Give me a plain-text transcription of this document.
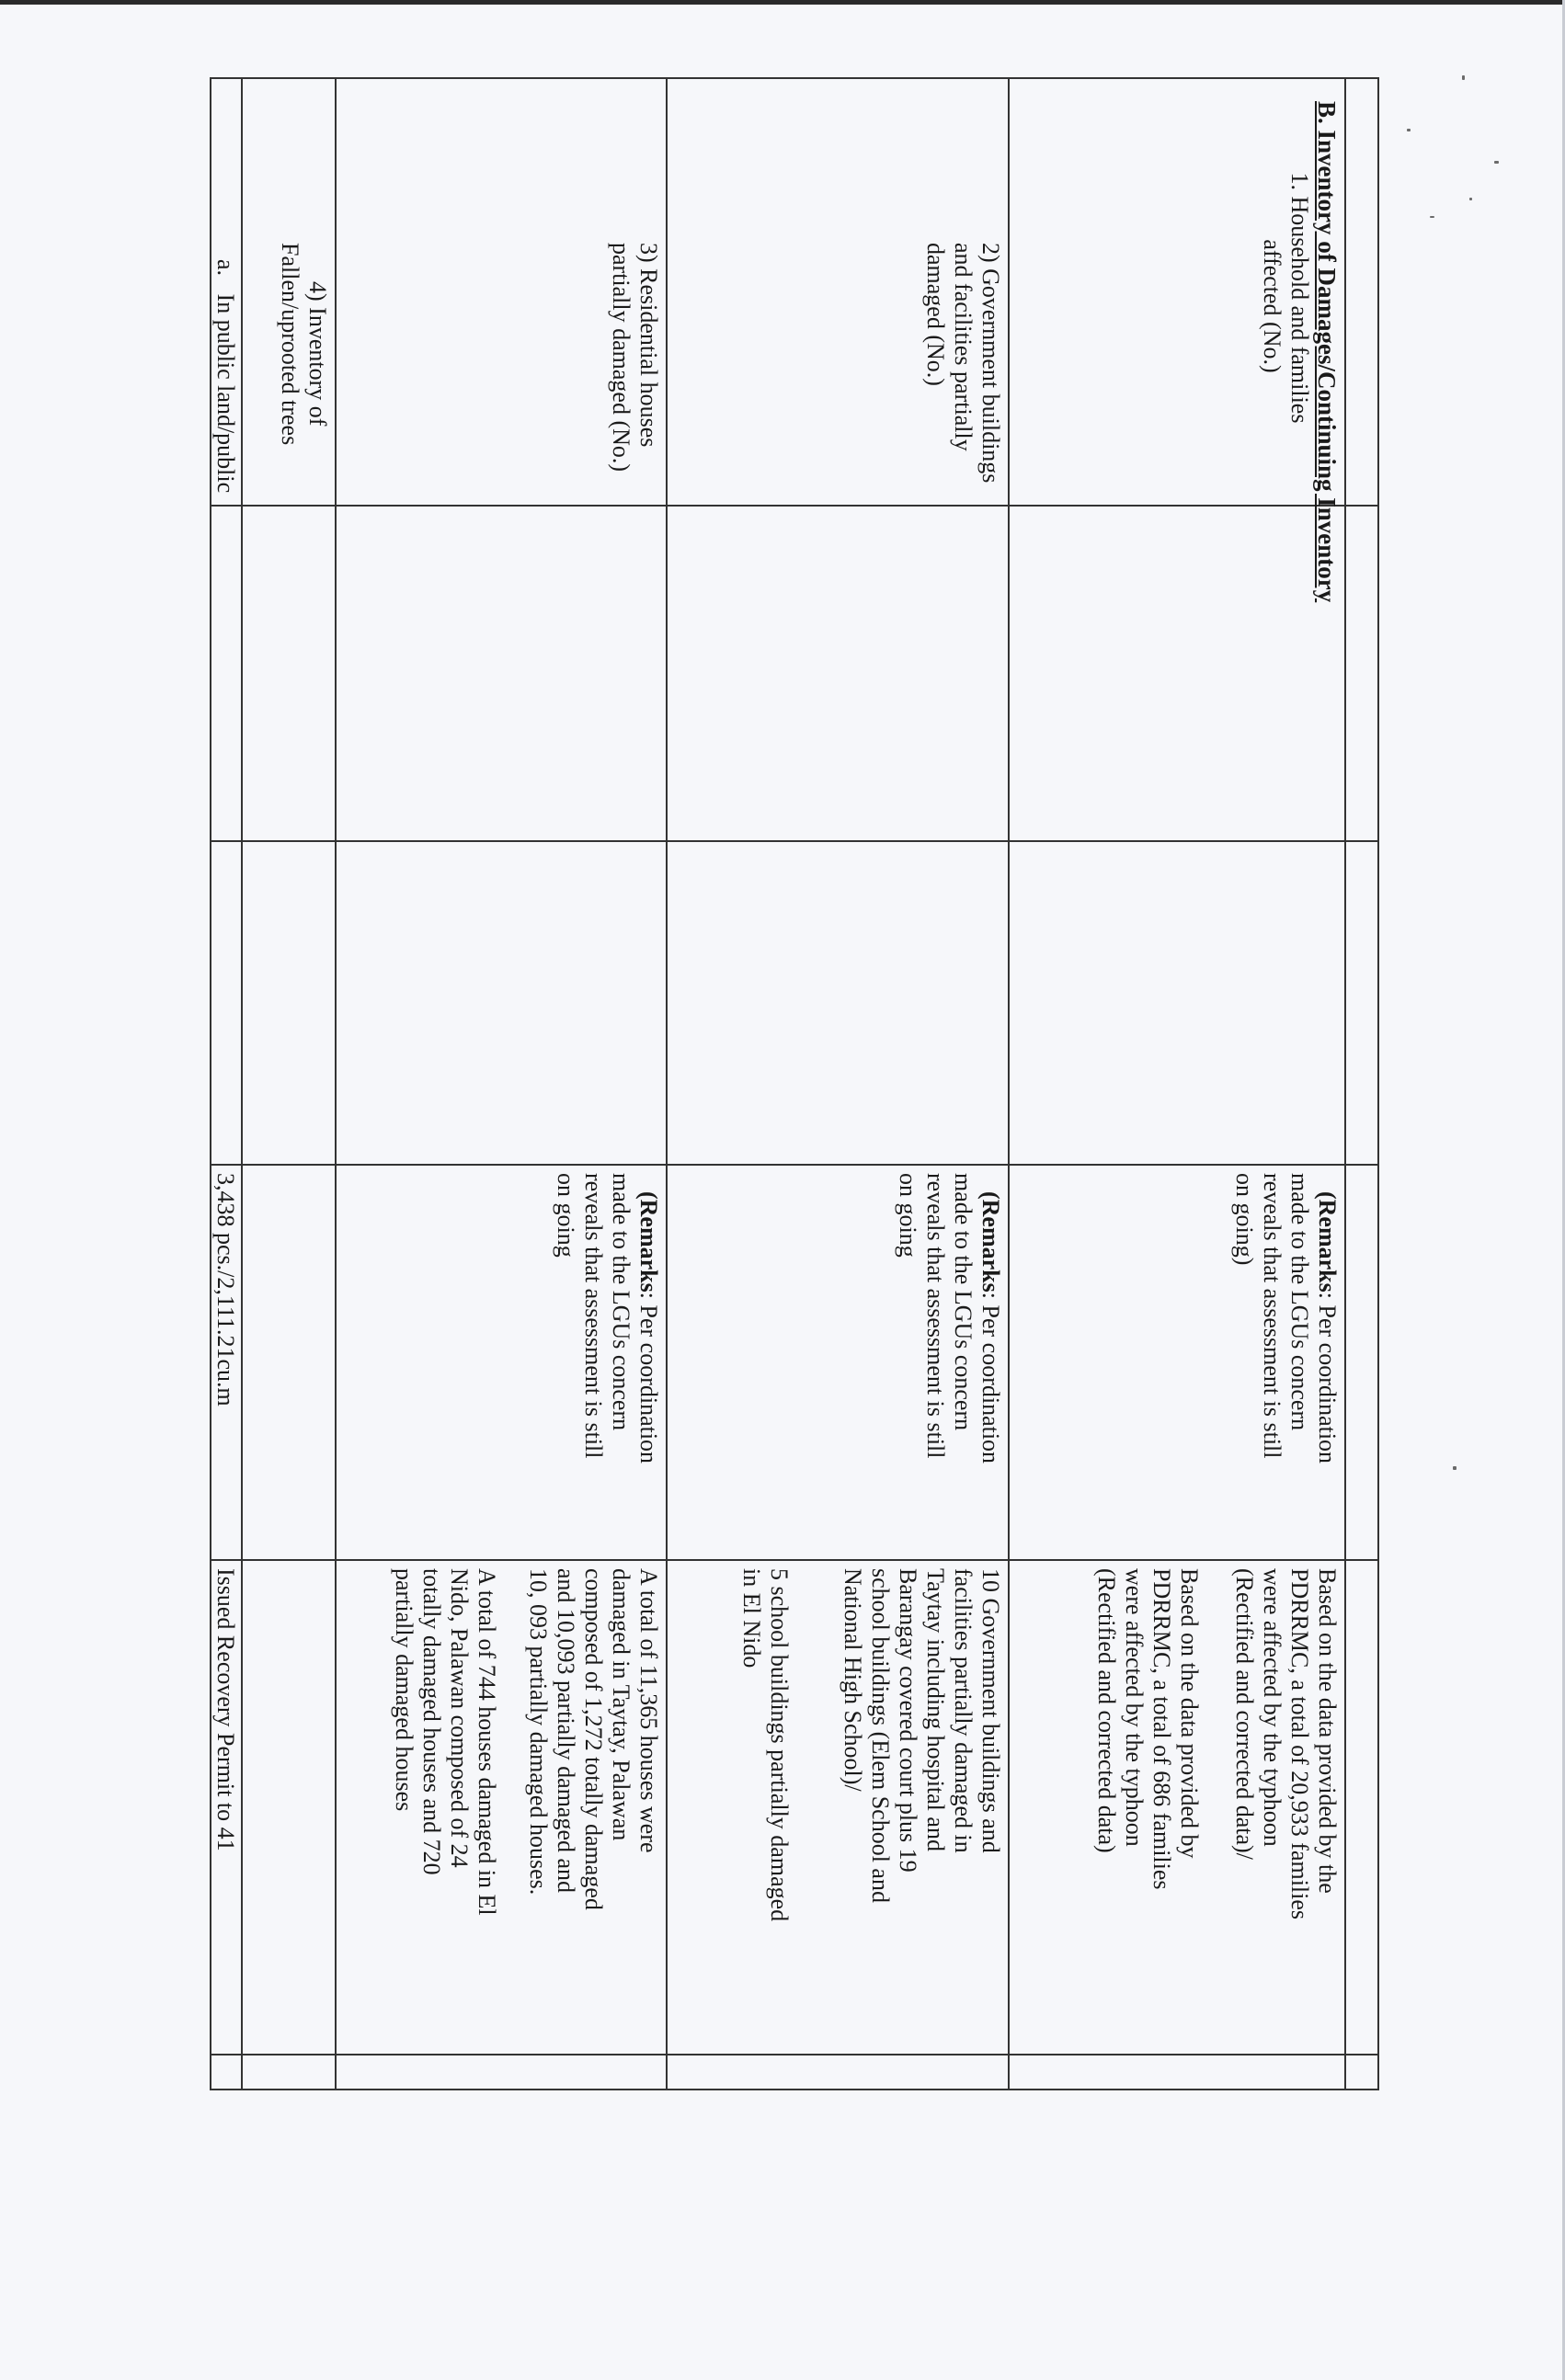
B. Inventory of Damages/Continuing Inventory
1. Household and families
affected (No.)
(Remarks: Per coordination
made to the LGUs concern
reveals that assessment is still
on going)
Based on the data provided by the
PDRRMC, a total of 20,933 families
were affected by the typhoon
(Rectified and corrected data)/
Based on the data provided by
PDRRMC, a total of 686 families
were affected by the typhoon
(Rectified and corrected data)
2) Government buildings
and facilities partially
damaged (No.)
(Remarks: Per coordination
made to the LGUs concern
reveals that assessment is still
on going
10 Government buildings and
facilities partially damaged in
Taytay including hospital and
Barangay covered court plus 19
school buildings (Elem School and
National High School)/
5 school buildings partially damaged
in El Nido
3) Residential houses
partially damaged (No.)
(Remarks: Per coordination
made to the LGUs concern
reveals that assessment is still
on going
A total of 11,365 houses were
damaged in Taytay, Palawan
composed of 1,272 totally damaged
and 10,093 partially damaged and
10, 093 partially damaged houses.
A total of 744 houses damaged in El
Nido, Palawan composed of 24
totally damaged houses and 720
partially damaged houses
4) Inventory of
Fallen/uprooted trees
a.   In public land/public
3,438 pcs./2,111.21cu.m
Issued Recovery Permit to 41
